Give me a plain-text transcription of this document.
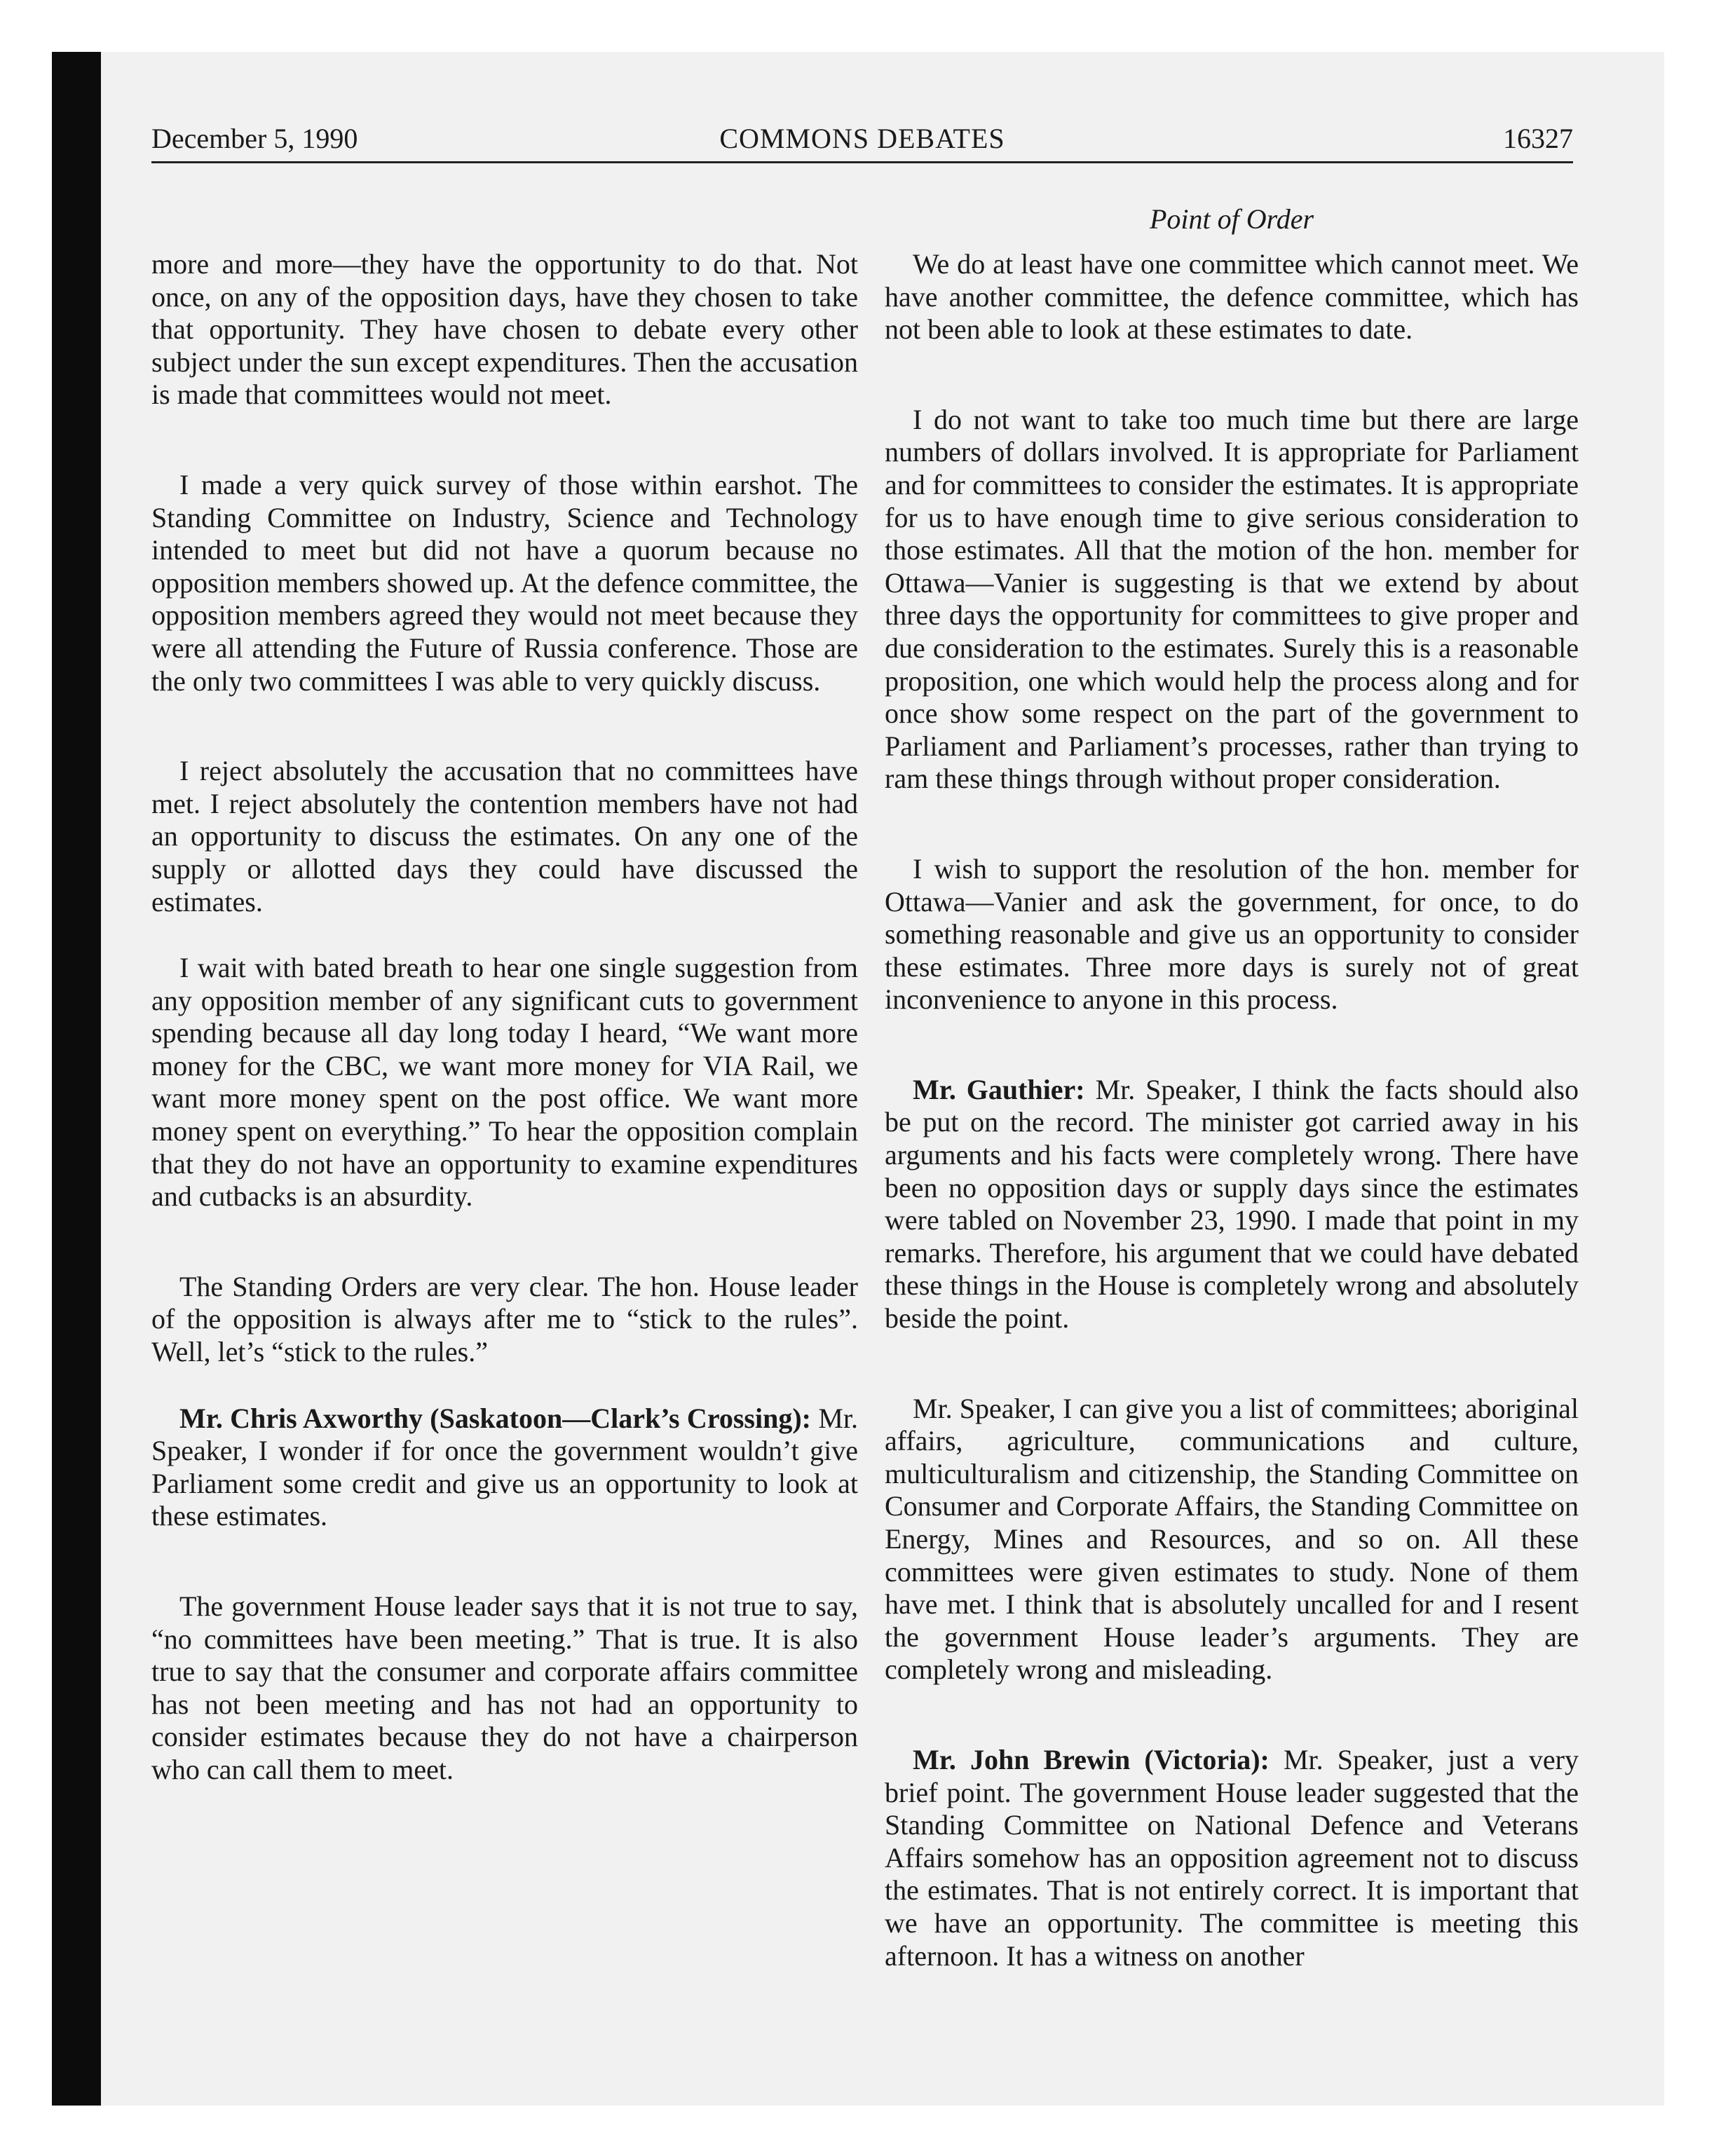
December 5, 1990	COMMONS DEBATES	16327
Point of Order

more and more—they have the opportunity to do that. Not once, on any of the opposition days, have they chosen to take that opportunity. They have chosen to debate every other subject under the sun except expenditures. Then the accusation is made that committees would not meet.

I made a very quick survey of those within earshot. The Standing Committee on Industry, Science and Technology intended to meet but did not have a quorum because no opposition members showed up. At the defence committee, the opposition members agreed they would not meet because they were all attending the Future of Russia conference. Those are the only two committees I was able to very quickly discuss.

I reject absolutely the accusation that no committees have met. I reject absolutely the contention members have not had an opportunity to discuss the estimates. On any one of the supply or allotted days they could have discussed the estimates.

I wait with bated breath to hear one single suggestion from any opposition member of any significant cuts to government spending because all day long today I heard, “We want more money for the CBC, we want more money for VIA Rail, we want more money spent on the post office. We want more money spent on everything.” To hear the opposition complain that they do not have an opportunity to examine expenditures and cutbacks is an absurdity.

The Standing Orders are very clear. The hon. House leader of the opposition is always after me to “stick to the rules”. Well, let’s “stick to the rules.”

Mr. Chris Axworthy (Saskatoon—Clark’s Crossing): Mr. Speaker, I wonder if for once the government wouldn’t give Parliament some credit and give us an opportunity to look at these estimates.

The government House leader says that it is not true to say, “no committees have been meeting.” That is true. It is also true to say that the consumer and corporate affairs committee has not been meeting and has not had an opportunity to consider estimates because they do not have a chairperson who can call them to meet.

We do at least have one committee which cannot meet. We have another committee, the defence committee, which has not been able to look at these estimates to date.

I do not want to take too much time but there are large numbers of dollars involved. It is appropriate for Parliament and for committees to consider the estimates. It is appropriate for us to have enough time to give serious consideration to those estimates. All that the motion of the hon. member for Ottawa—Vanier is suggesting is that we extend by about three days the opportunity for committees to give proper and due consideration to the estimates. Surely this is a reasonable proposition, one which would help the process along and for once show some respect on the part of the government to Parliament and Parliament’s processes, rather than trying to ram these things through without proper consideration.

I wish to support the resolution of the hon. member for Ottawa—Vanier and ask the government, for once, to do something reasonable and give us an opportunity to consider these estimates. Three more days is surely not of great inconvenience to anyone in this process.

Mr. Gauthier: Mr. Speaker, I think the facts should also be put on the record. The minister got carried away in his arguments and his facts were completely wrong. There have been no opposition days or supply days since the estimates were tabled on November 23, 1990. I made that point in my remarks. Therefore, his argument that we could have debated these things in the House is completely wrong and absolutely beside the point.

Mr. Speaker, I can give you a list of committees; aboriginal affairs, agriculture, communications and culture, multiculturalism and citizenship, the Standing Committee on Consumer and Corporate Affairs, the Standing Committee on Energy, Mines and Resources, and so on. All these committees were given estimates to study. None of them have met. I think that is absolutely uncalled for and I resent the government House leader’s arguments. They are completely wrong and misleading.

Mr. John Brewin (Victoria): Mr. Speaker, just a very brief point. The government House leader suggested that the Standing Committee on National Defence and Veterans Affairs somehow has an opposition agreement not to discuss the estimates. That is not entirely correct. It is important that we have an opportunity. The committee is meeting this afternoon. It has a witness on another
